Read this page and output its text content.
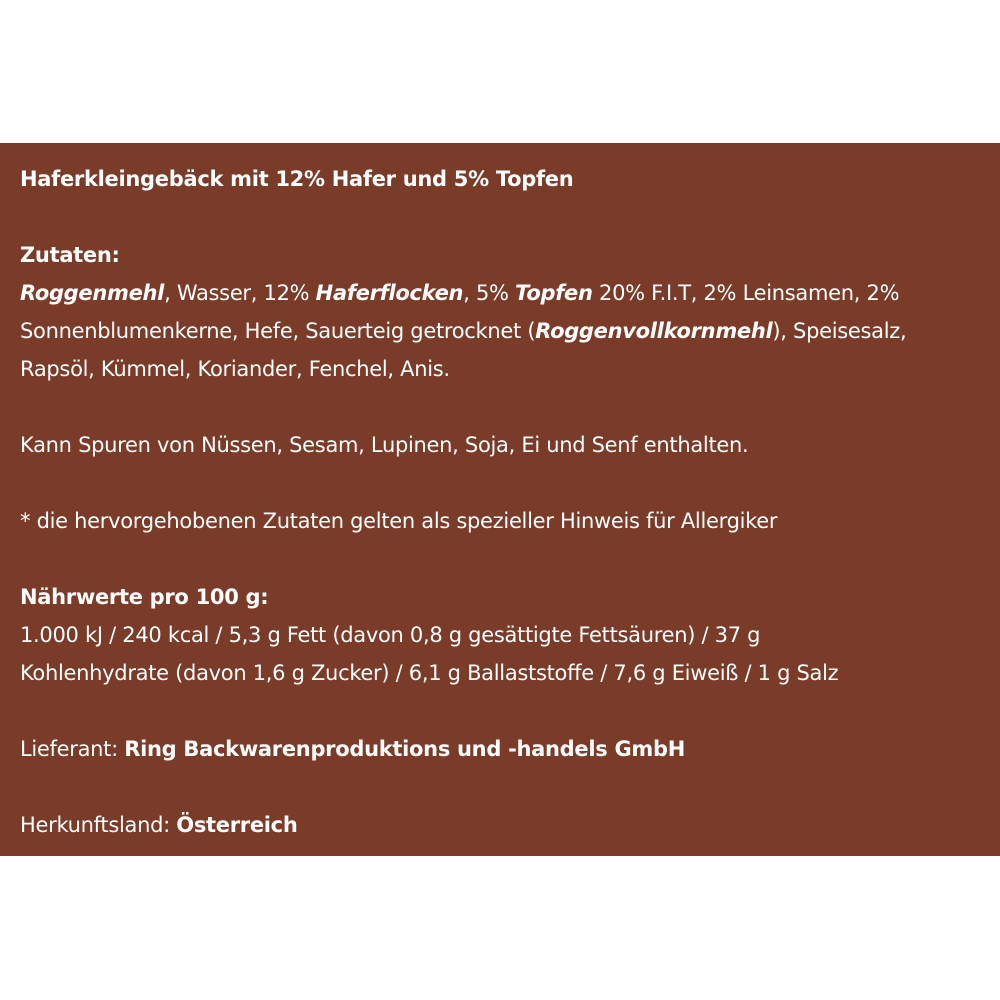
Haferkleingebäck mit 12% Hafer und 5% Topfen
Zutaten:
Roggenmehl, Wasser, 12% Haferflocken, 5% Topfen 20% F.I.T, 2% Leinsamen, 2%
Sonnenblumenkerne, Hefe, Sauerteig getrocknet (Roggenvollkornmehl), Speisesalz,
Rapsöl, Kümmel, Koriander, Fenchel, Anis.
Kann Spuren von Nüssen, Sesam, Lupinen, Soja, Ei und Senf enthalten.
* die hervorgehobenen Zutaten gelten als spezieller Hinweis für Allergiker
Nährwerte pro 100 g:
1.000 kJ / 240 kcal / 5,3 g Fett (davon 0,8 g gesättigte Fettsäuren) / 37 g
Kohlenhydrate (davon 1,6 g Zucker) / 6,1 g Ballaststoffe / 7,6 g Eiweiß / 1 g Salz
Lieferant: Ring Backwarenproduktions und -handels GmbH
Herkunftsland: Österreich
